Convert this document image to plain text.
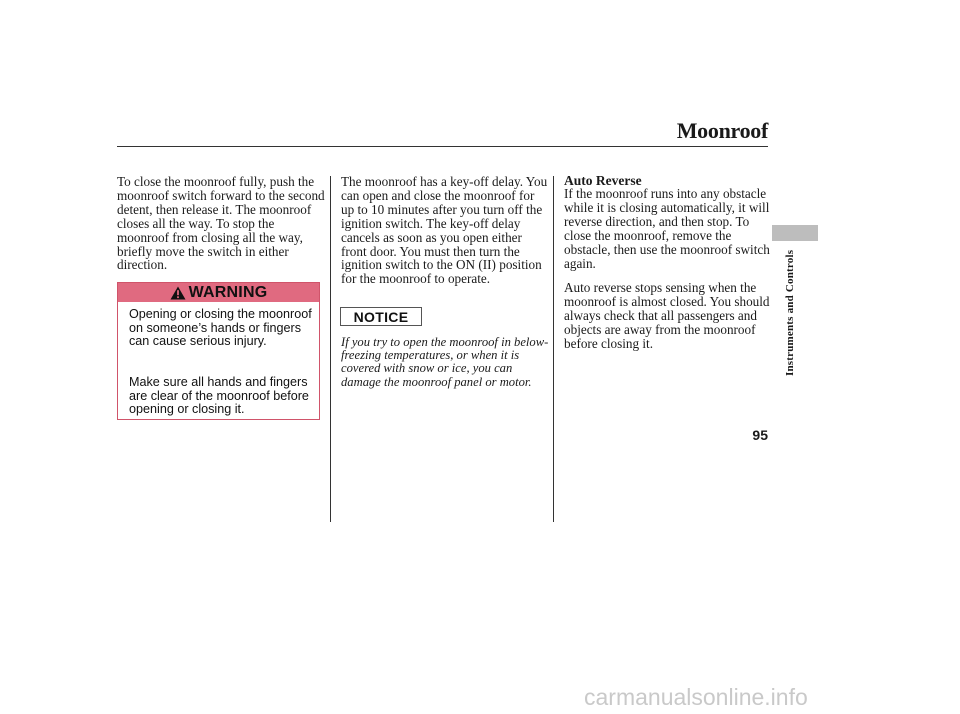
Moonroof

To close the moonroof fully, push the moonroof switch forward to the second detent, then release it. The moonroof closes all the way. To stop the moonroof from closing all the way, briefly move the switch in either direction.

WARNING
Opening or closing the moonroof on someone’s hands or fingers can cause serious injury.
Make sure all hands and fingers are clear of the moonroof before opening or closing it.

The moonroof has a key-off delay. You can open and close the moonroof for up to 10 minutes after you turn off the ignition switch. The key-off delay cancels as soon as you open either front door. You must then turn the ignition switch to the ON (II) position for the moonroof to operate.

NOTICE
If you try to open the moonroof in below-freezing temperatures, or when it is covered with snow or ice, you can damage the moonroof panel or motor.
Auto Reverse
If the moonroof runs into any obstacle while it is closing automatically, it will reverse direction, and then stop. To close the moonroof, remove the obstacle, then use the moonroof switch again.
Auto reverse stops sensing when the moonroof is almost closed. You should always check that all passengers and objects are away from the moonroof before closing it.	Instruments and Controls
95
carmanualsonline.info
